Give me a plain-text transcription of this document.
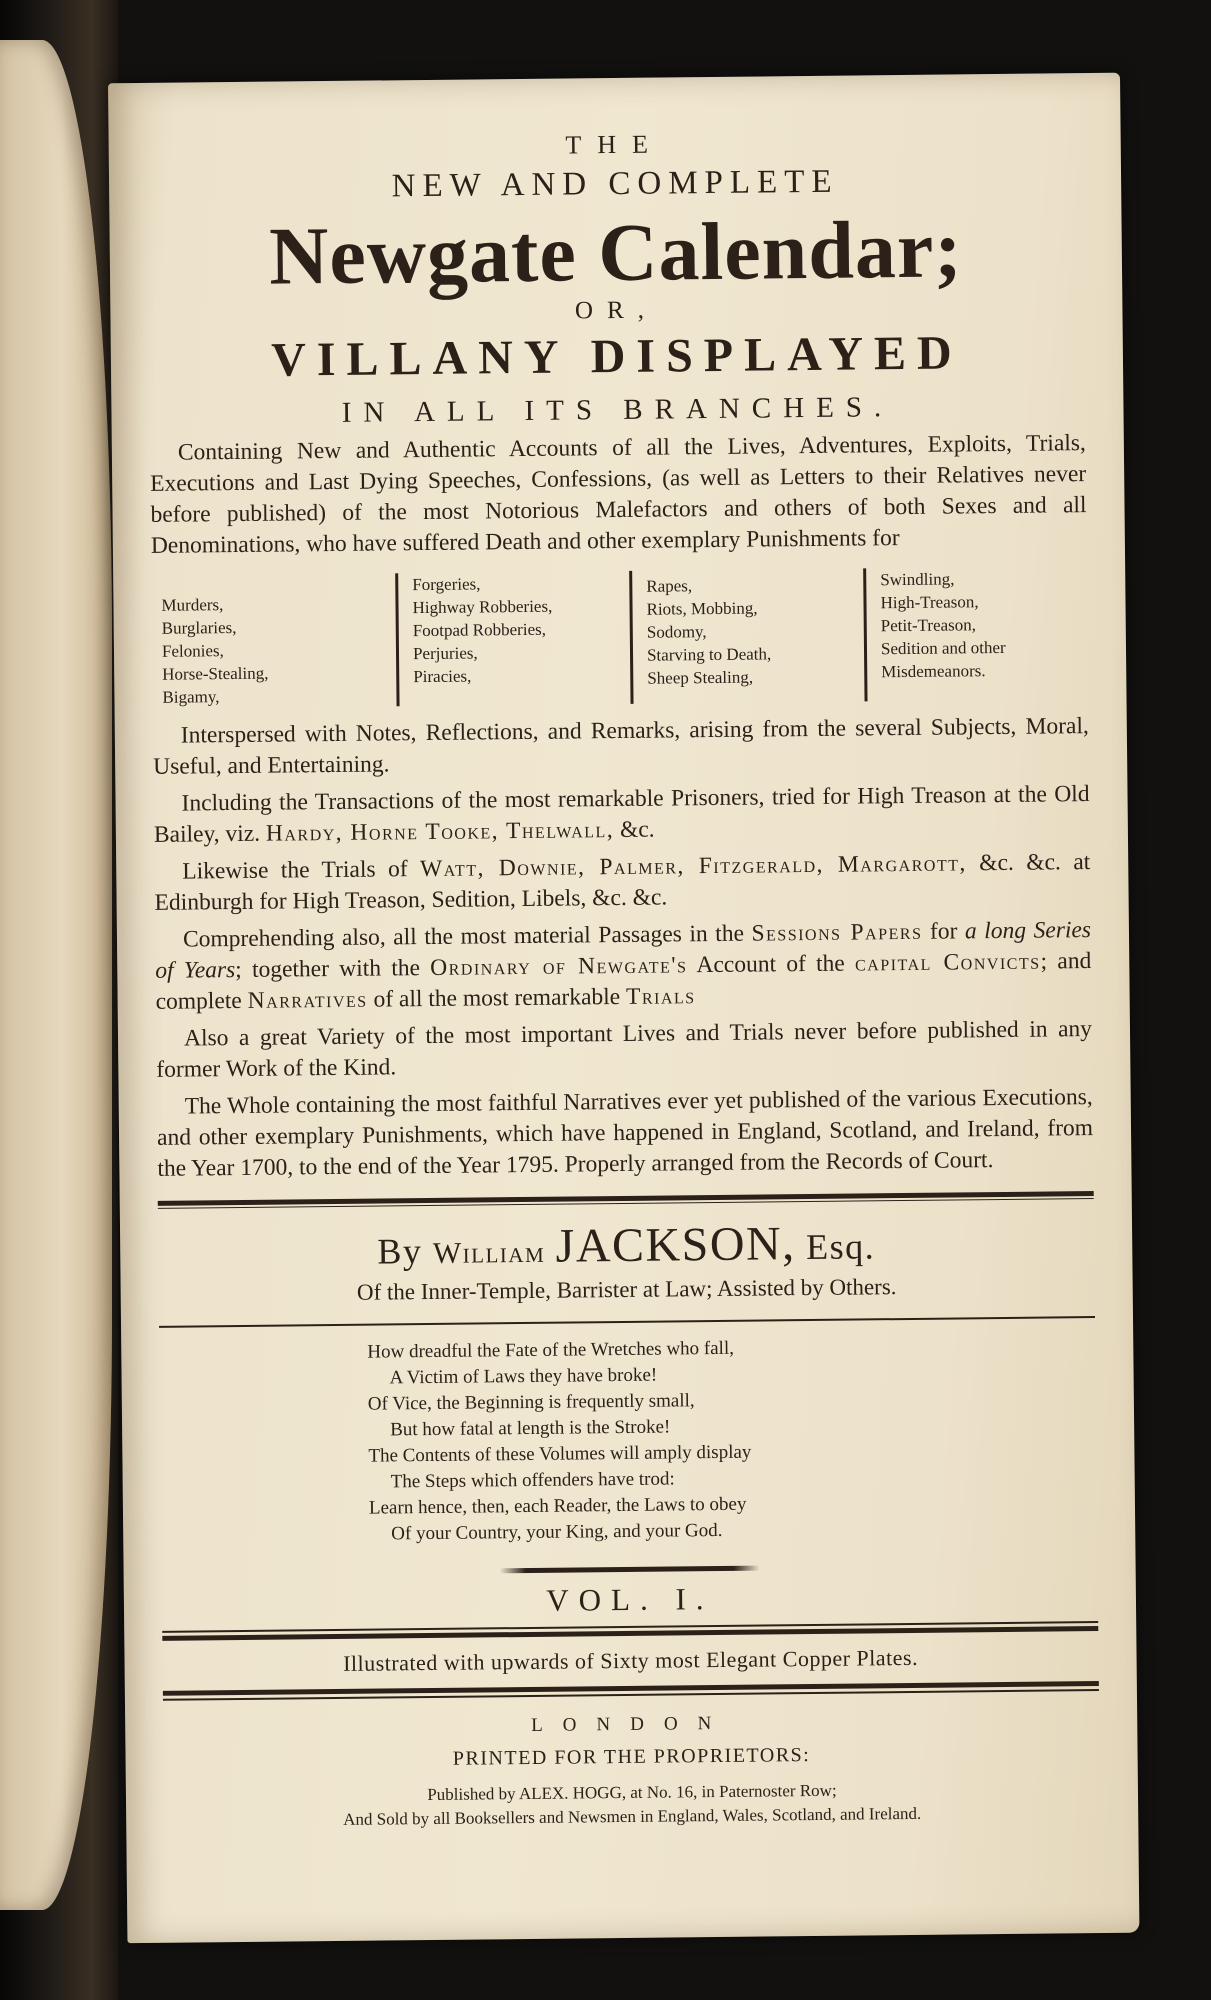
THE
NEW AND COMPLETE
Newgate Calendar;
OR,
VILLANY DISPLAYED
IN ALL ITS BRANCHES.
Containing New and Authentic Accounts of all the Lives, Adventures, Exploits, Trials, Executions and Last Dying Speeches, Confessions, (as well as Letters to their Relatives never before published) of the most Notorious Malefactors and others of both Sexes and all Denominations, who have suffered Death and other exemplary Punishments for
Murders,
Burglaries,
Felonies,
Horse-Stealing,
Bigamy,
Forgeries,
Highway Robberies,
Footpad Robberies,
Perjuries,
Piracies,
Rapes,
Riots, Mobbing,
Sodomy,
Starving to Death,
Sheep Stealing,
Swindling,
High-Treason,
Petit-Treason,
Sedition and other
Misdemeanors.
Interspersed with Notes, Reflections, and Remarks, arising from the several Subjects, Moral, Useful, and Entertaining.
Including the Transactions of the most remarkable Prisoners, tried for High Treason at the Old Bailey, viz. Hardy, Horne Tooke, Thelwall, &c.
Likewise the Trials of Watt, Downie, Palmer, Fitzgerald, Margarott, &c. &c. at Edinburgh for High Treason, Sedition, Libels, &c. &c.
Comprehending also, all the most material Passages in the Sessions Papers for a long Series of Years; together with the Ordinary of Newgate's Account of the capital Convicts; and complete Narratives of all the most remarkable Trials
Also a great Variety of the most important Lives and Trials never before published in any former Work of the Kind.
The Whole containing the most faithful Narratives ever yet published of the various Executions, and other exemplary Punishments, which have happened in England, Scotland, and Ireland, from the Year 1700, to the end of the Year 1795. Properly arranged from the Records of Court.
By William JACKSON, Esq.
Of the Inner-Temple, Barrister at Law; Assisted by Others.
How dreadful the Fate of the Wretches who fall,
A Victim of Laws they have broke!
Of Vice, the Beginning is frequently small,
But how fatal at length is the Stroke!
The Contents of these Volumes will amply display
The Steps which offenders have trod:
Learn hence, then, each Reader, the Laws to obey
Of your Country, your King, and your God.
VOL. I.
Illustrated with upwards of Sixty most Elegant Copper Plates.
LONDON
PRINTED FOR THE PROPRIETORS:
Published by ALEX. HOGG, at No. 16, in Paternoster Row;
And Sold by all Booksellers and Newsmen in England, Wales, Scotland, and Ireland.
